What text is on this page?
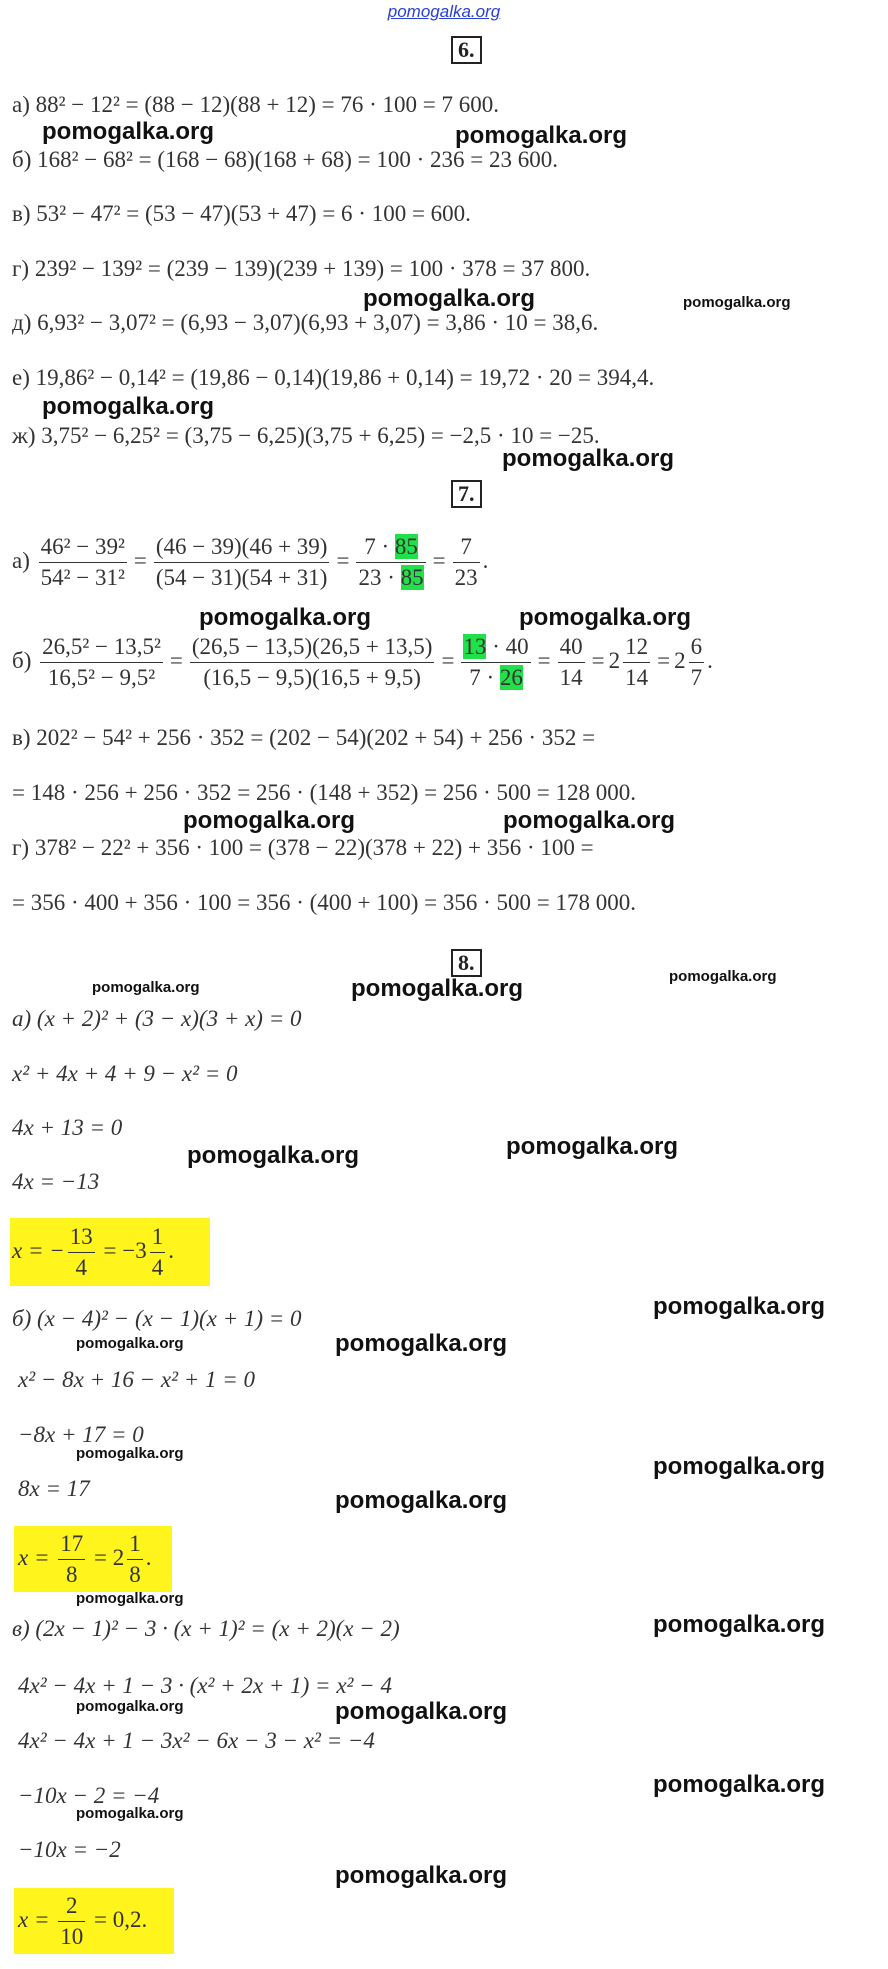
pomogalka.org
6.
а) 88² − 12² = (88 − 12)(88 + 12) = 76 · 100 = 7 600.
б) 168² − 68² = (168 − 68)(168 + 68) = 100 · 236 = 23 600.
в) 53² − 47² = (53 − 47)(53 + 47) = 6 · 100 = 600.
г) 239² − 139² = (239 − 139)(239 + 139) = 100 · 378 = 37 800.
д) 6,93² − 3,07² = (6,93 − 3,07)(6,93 + 3,07) = 3,86 · 10 = 38,6.
е) 19,86² − 0,14² = (19,86 − 0,14)(19,86 + 0,14) = 19,72 · 20 = 394,4.
ж) 3,75² − 6,25² = (3,75 − 6,25)(3,75 + 6,25) = −2,5 · 10 = −25.
7.
$а) \frac{\text{46² − 39²}}{\text{54² − 31²}} = \frac{(46 - 39)(46 + 39)}{(54 - 31)(54 + 31)} = \frac{7 \cdot 85}{23 \cdot 85} = \frac{7}{23}$ .
$б) \frac{\text{26,5² − 13,5²}}{\text{16,5² − 9,5²}} = \frac{(26,5 - 13,5)(26,5 + 13,5)}{(16,5 - 9,5)(16,5 + 9,5)} = \frac{13 \cdot 40}{7 \cdot 26} = \frac{40}{14} = 2 \frac{12}{14} = 2 \frac{6}{7}$ .
в) 202² − 54² + 256 · 352 = (202 − 54)(202 + 54) + 256 · 352 =
= 148 · 256 + 256 · 352 = 256 · (148 + 352) = 256 · 500 = 128 000.
г) 378² − 22² + 356 · 100 = (378 − 22)(378 + 22) + 356 · 100 =
= 356 · 400 + 356 · 100 = 356 · (400 + 100) = 356 · 500 = 178 000.
8.
а) (x + 2)² + (3 − x)(3 + x) = 0
x² + 4x + 4 + 9 − x² = 0
4x + 13 = 0
4x = −13
x = − $\frac{13}{4} = -3 \frac{1}{4}$ .
б) (x − 4)² − (x − 1)(x + 1) = 0
x² − 8x + 16 − x² + 1 = 0
−8x + 17 = 0
8x = 17
$x = \frac{17}{8} = 2 \frac{1}{8}$ .
в) (2x − 1)² − 3 · (x + 1)² = (x + 2)(x − 2)
4x² − 4x + 1 − 3 · (x² + 2x + 1) = x² − 4
4x² − 4x + 1 − 3x² − 6x − 3 − x² = −4
−10x − 2 = −4
−10x = −2
$x = \frac{2}{10} = 0,2$.
pomogalka.org	pomogalka.org
pomogalka.org	pomogalka.org
pomogalka.org
pomogalka.org
pomogalka.org	pomogalka.org
pomogalka.org	pomogalka.org
pomogalka.org	pomogalka.org	pomogalka.org
pomogalka.org	pomogalka.org
pomogalka.org
pomogalka.org	pomogalka.org
pomogalka.org	pomogalka.org
pomogalka.org
pomogalka.org
pomogalka.org
pomogalka.org	pomogalka.org
pomogalka.org
pomogalka.org
pomogalka.org
